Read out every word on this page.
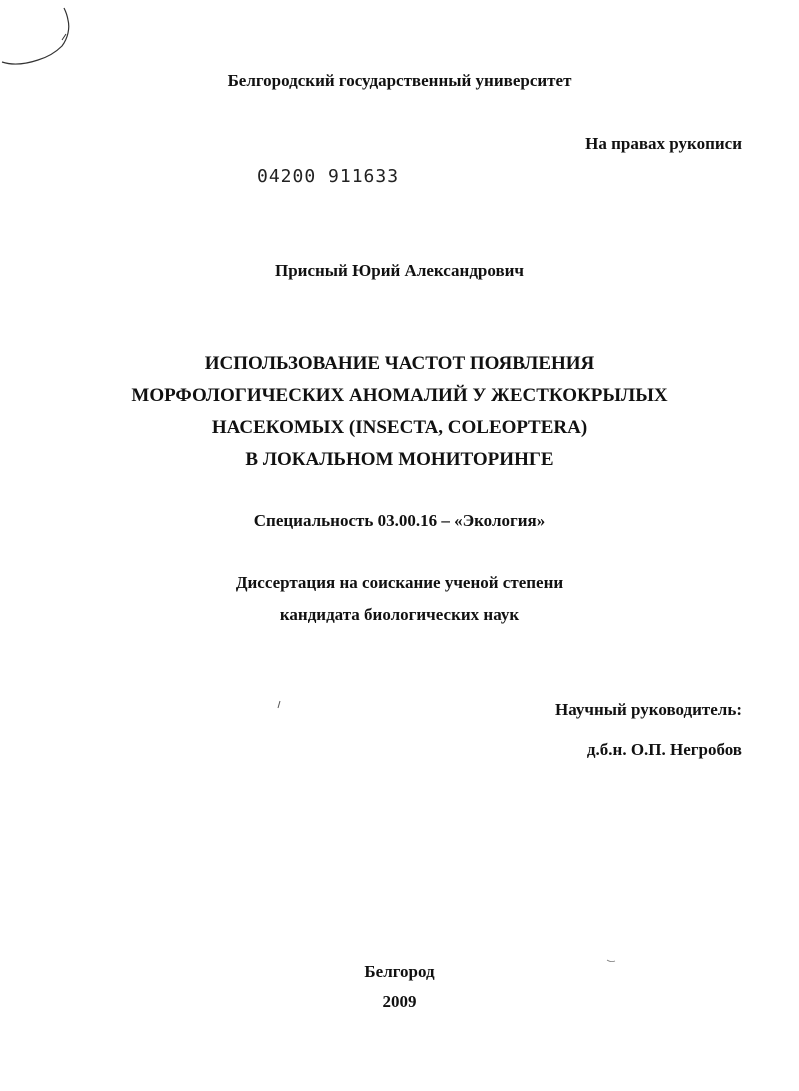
Белгородский государственный университет
На правах рукописи
04200 911633
Присный Юрий Александрович
ИСПОЛЬЗОВАНИЕ ЧАСТОТ ПОЯВЛЕНИЯ
МОРФОЛОГИЧЕСКИХ АНОМАЛИЙ У ЖЕСТКОКРЫЛЫХ
НАСЕКОМЫХ (INSECTA, COLEOPTERA)
В ЛОКАЛЬНОМ МОНИТОРИНГЕ
Специальность 03.00.16 – «Экология»
Диссертация на соискание ученой степени
кандидата биологических наук
Научный руководитель:
д.б.н. О.П. Негробов
Белгород
2009
